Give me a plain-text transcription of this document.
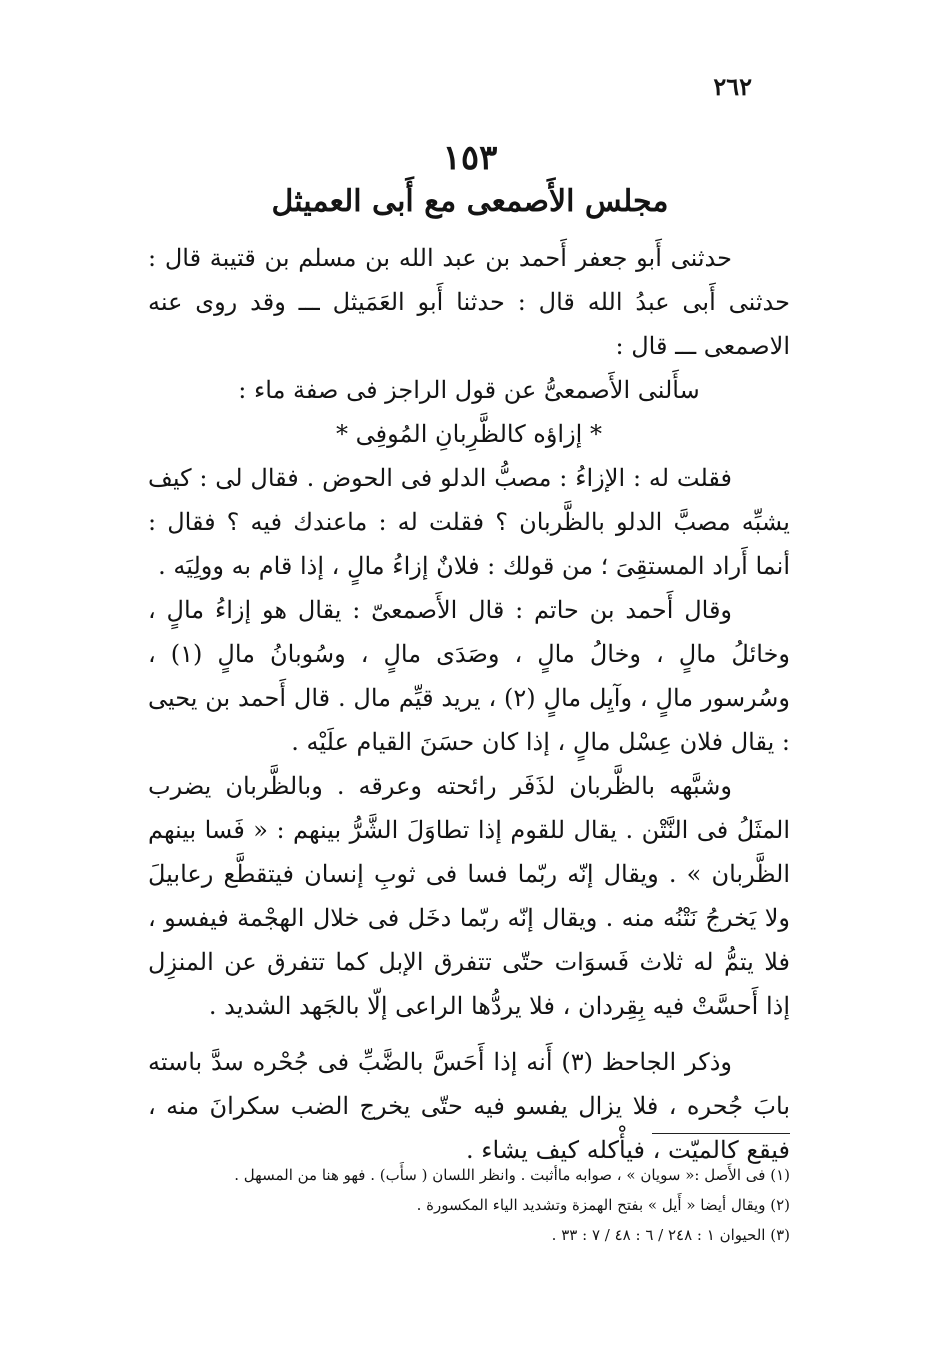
٢٦٢
١٥٣
مجلس الأَصمعى مع أَبى العميثل

حدثنى أَبو جعفر أَحمد بن عبد الله بن مسلم بن قتيبة قال : حدثنى أَبى عبدُ الله قال : حدثنا أَبو العَمَيثل ـــ وقد روى عنه الاصمعى ـــ قال :

سأَلنى الأَصمعىُّ عن قول الراجز فى صفة ماء :

* إزاؤه كالظَّرِبانِ المُوفِى *

فقلت له : الإزاءُ : مصبُّ الدلو فى الحوض . فقال لى : كيف يشبِّه مصبَّ الدلو بالظَّربان ؟ فقلت له : ماعندك فيه ؟ فقال : أنما أَراد المستقِىَ ؛ من قولك : فلانٌ إزاءُ مالٍ ، إذا قام به وولِيَه .

وقال أَحمد بن حاتم : قال الأَصمعىّ : يقال هو إزاءُ مالٍ ، وخائلُ مالٍ ، وخالُ مالٍ ، وصَدَى مالٍ ، وسُوبانُ مالٍ (١) ، وسُرسور مالٍ ، وآيِل مالٍ (٢) ، يريد قيِّم مال . قال أَحمد بن يحيى : يقال فلان عِسْل مالٍ ، إذا كان حسَنَ القيام علَيْه .

وشبَّهه بالظَّربان لذَفَر رائحته وعرقه . وبالظَّربان يضرب المثَلُ فى النَّتْن . يقال للقوم إذا تطاوَلَ الشَّرُّ بينهم : « فَسا بينهم الظَّربان » . ويقال إنّه ربّما فسا فى ثوبِ إنسان فيتقطَّع رعابيلَ ولا يَخرجُ نَتْنُه منه . ويقال إنّه ربّما دخَل فى خلال الهجْمة فيفسو ، فلا يتمُّ له ثلاث فَسوَات حتّى تتفرق الإبل كما تتفرق عن المنزِل إذا أَحسَّتْ فيه بِقِردان ، فلا يردُّها الراعى إلّا بالجَهد الشديد .

وذكر الجاحظ (٣) أَنه إذا أَحَسَّ بالضَّبِّ فى جُحْره سدَّ باسته بابَ جُحره ، فلا يزال يفسو فيه حتّى يخرج الضب سكرانَ منه ، فيقع كالميّت ، فيأْكله كيف يشاء .

(١) فى الأَصل :« سويان » ، صوابه ماأثبت . وانظر اللسان ( سأَب) . فهو هنا من المسهل .

(٢) ويقال أيضا « أَيل » بفتح الهمزة وتشديد الياء المكسورة .

(٣) الحيوان ١ : ٢٤٨ / ٦ : ٤٨ / ٧ : ٣٣ .
